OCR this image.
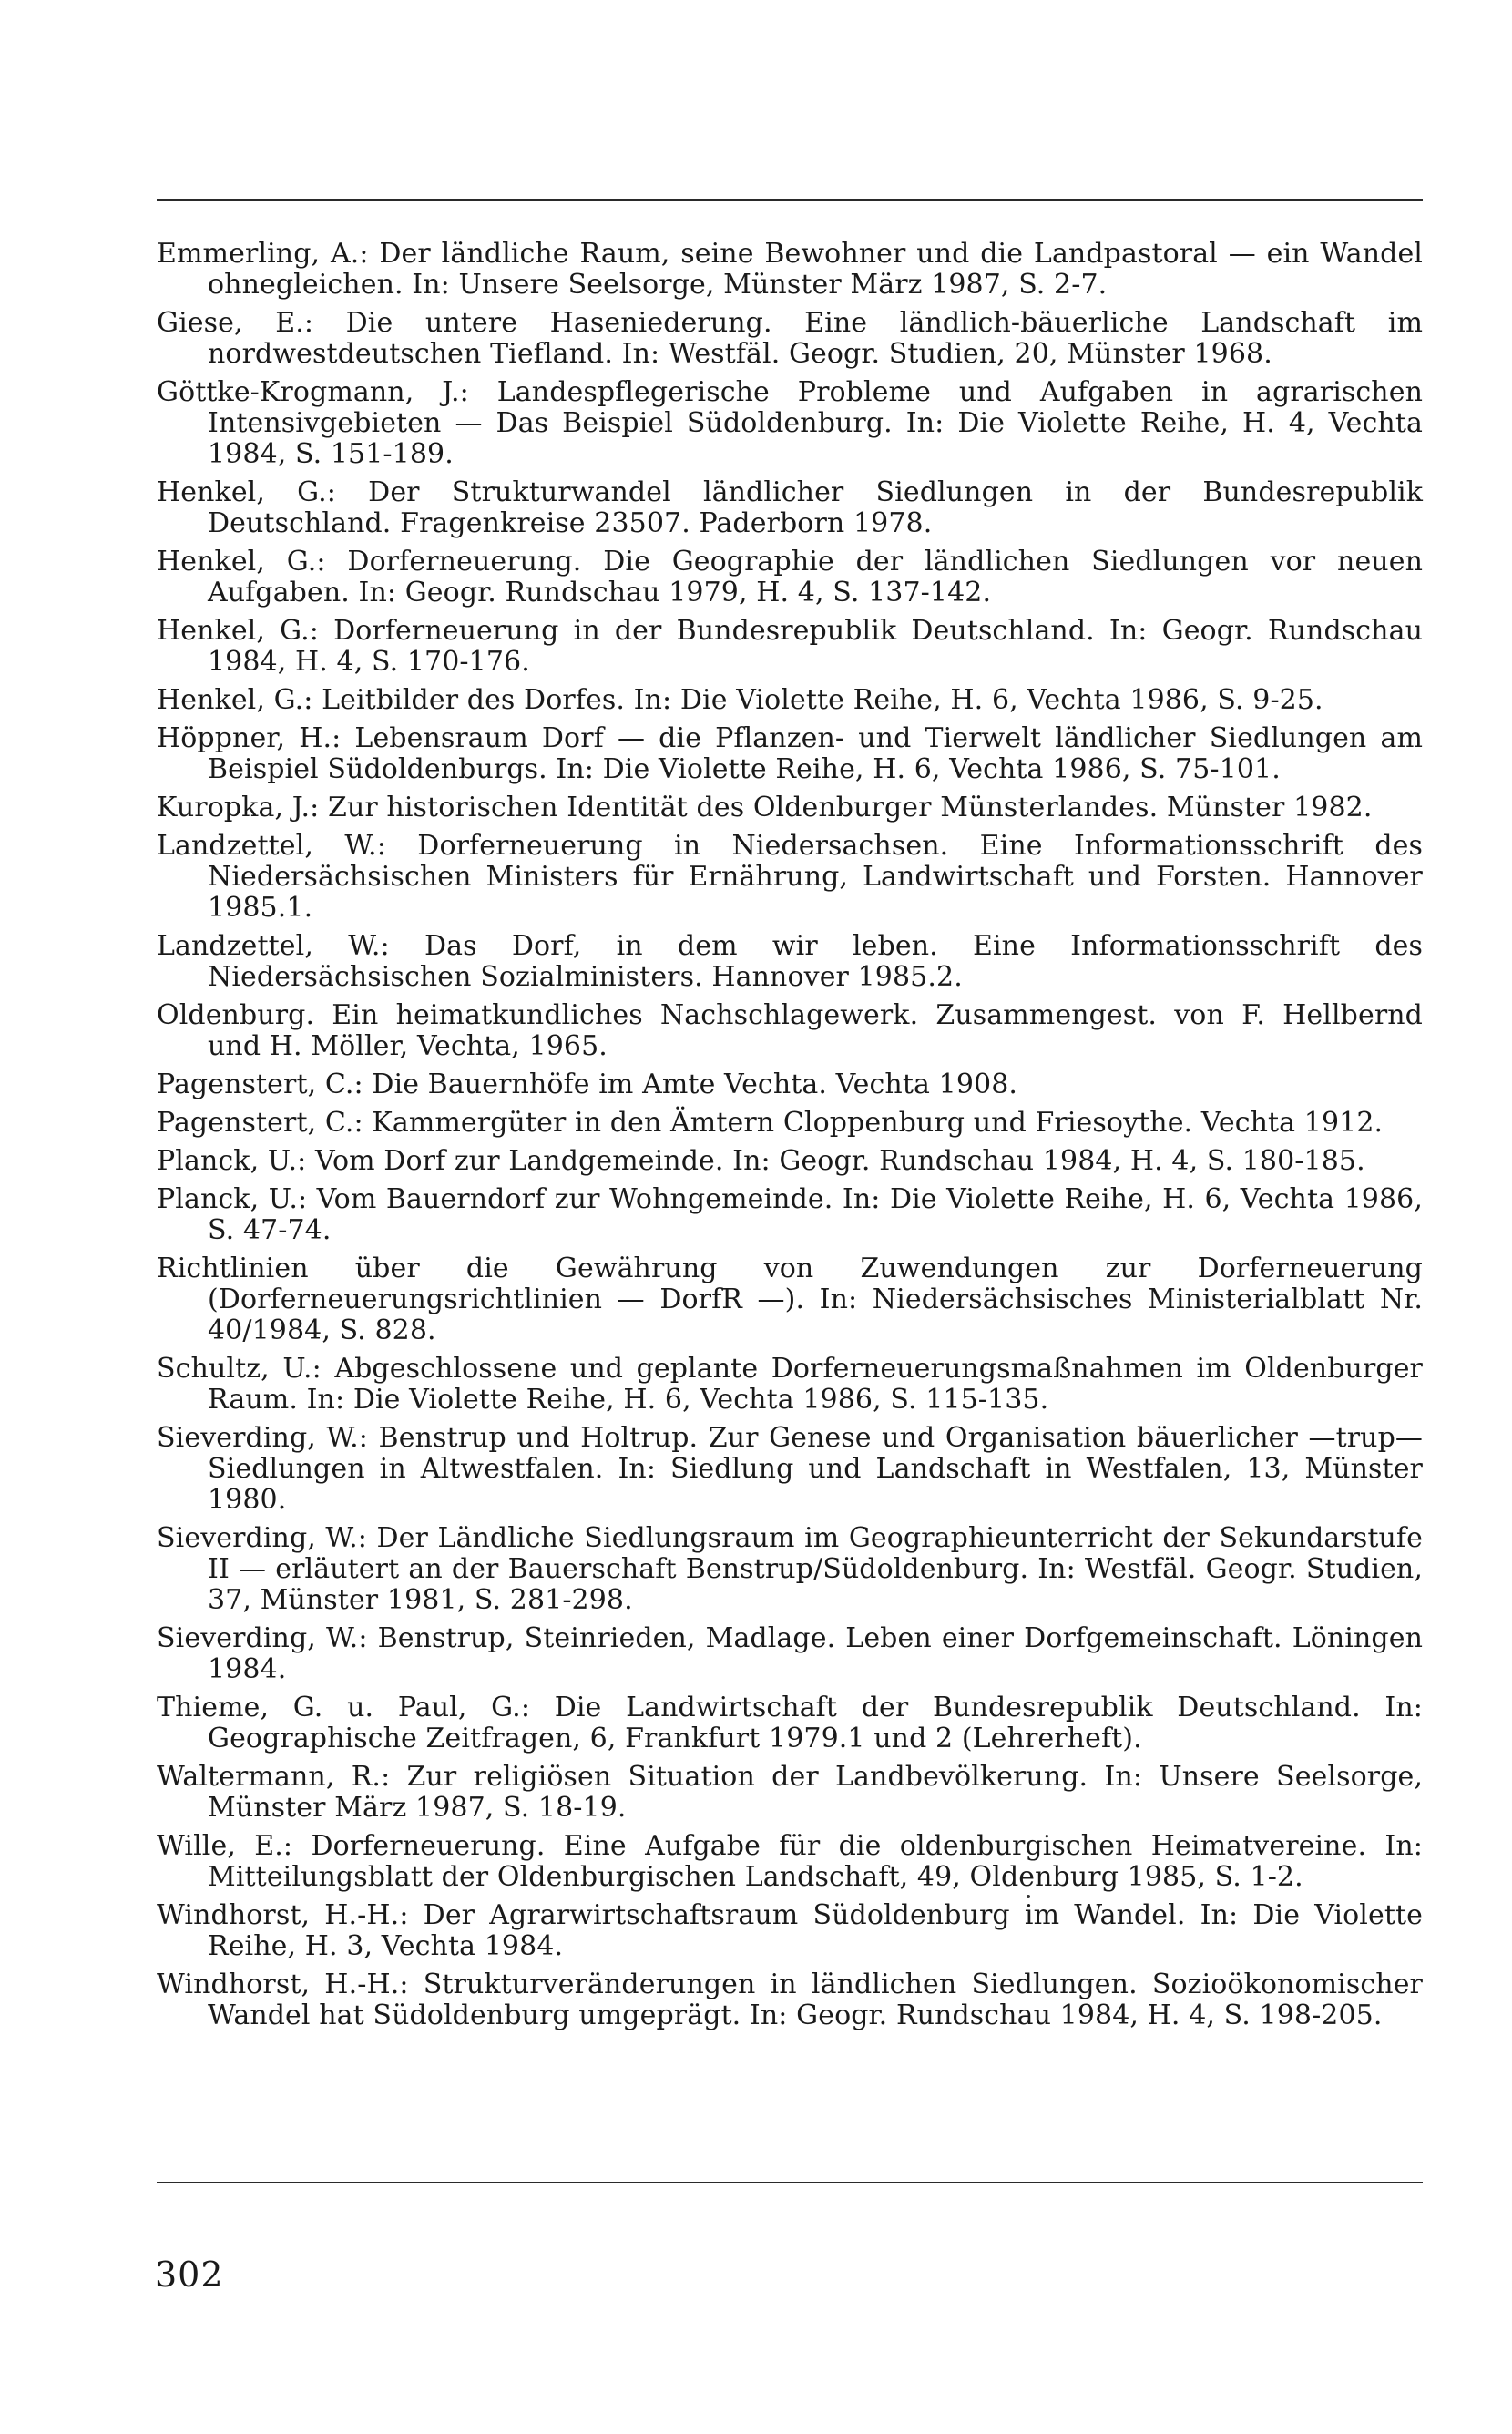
Emmerling, A.: Der ländliche Raum, seine Bewohner und die Landpastoral — ein Wandel ohnegleichen. In: Unsere Seelsorge, Münster März 1987, S. 2-7.
Giese, E.: Die untere Haseniederung. Eine ländlich-bäuerliche Landschaft im nordwestdeutschen Tiefland. In: Westfäl. Geogr. Studien, 20, Münster 1968.
Göttke-Krogmann, J.: Landespflegerische Probleme und Aufgaben in agrarischen Intensivgebieten — Das Beispiel Südoldenburg. In: Die Violette Reihe, H. 4, Vechta 1984, S. 151-189.
Henkel, G.: Der Strukturwandel ländlicher Siedlungen in der Bundesrepublik Deutschland. Fragenkreise 23507. Paderborn 1978.
Henkel, G.: Dorferneuerung. Die Geographie der ländlichen Siedlungen vor neuen Aufgaben. In: Geogr. Rundschau 1979, H. 4, S. 137-142.
Henkel, G.: Dorferneuerung in der Bundesrepublik Deutschland. In: Geogr. Rundschau 1984, H. 4, S. 170-176.
Henkel, G.: Leitbilder des Dorfes. In: Die Violette Reihe, H. 6, Vechta 1986, S. 9-25.
Höppner, H.: Lebensraum Dorf — die Pflanzen- und Tierwelt ländlicher Siedlungen am Beispiel Südoldenburgs. In: Die Violette Reihe, H. 6, Vechta 1986, S. 75-101.
Kuropka, J.: Zur historischen Identität des Oldenburger Münsterlandes. Münster 1982.
Landzettel, W.: Dorferneuerung in Niedersachsen. Eine Informationsschrift des Niedersächsischen Ministers für Ernährung, Landwirtschaft und Forsten. Hannover 1985.1.
Landzettel, W.: Das Dorf, in dem wir leben. Eine Informationsschrift des Niedersächsischen Sozialministers. Hannover 1985.2.
Oldenburg. Ein heimatkundliches Nachschlagewerk. Zusammengest. von F. Hellbernd und H. Möller, Vechta, 1965.
Pagenstert, C.: Die Bauernhöfe im Amte Vechta. Vechta 1908.
Pagenstert, C.: Kammergüter in den Ämtern Cloppenburg und Friesoythe. Vechta 1912.
Planck, U.: Vom Dorf zur Landgemeinde. In: Geogr. Rundschau 1984, H. 4, S. 180-185.
Planck, U.: Vom Bauerndorf zur Wohngemeinde. In: Die Violette Reihe, H. 6, Vechta 1986, S. 47-74.
Richtlinien über die Gewährung von Zuwendungen zur Dorferneuerung (Dorferneuerungsrichtlinien — DorfR —). In: Niedersächsisches Ministerialblatt Nr. 40/1984, S. 828.
Schultz, U.: Abgeschlossene und geplante Dorferneuerungsmaßnahmen im Oldenburger Raum. In: Die Violette Reihe, H. 6, Vechta 1986, S. 115-135.
Sieverding, W.: Benstrup und Holtrup. Zur Genese und Organisation bäuerlicher —trup— Siedlungen in Altwestfalen. In: Siedlung und Landschaft in Westfalen, 13, Münster 1980.
Sieverding, W.: Der Ländliche Siedlungsraum im Geographieunterricht der Sekundarstufe II — erläutert an der Bauerschaft Benstrup/Südoldenburg. In: Westfäl. Geogr. Studien, 37, Münster 1981, S. 281-298.
Sieverding, W.: Benstrup, Steinrieden, Madlage. Leben einer Dorfgemeinschaft. Löningen 1984.
Thieme, G. u. Paul, G.: Die Landwirtschaft der Bundesrepublik Deutschland. In: Geographische Zeitfragen, 6, Frankfurt 1979.1 und 2 (Lehrerheft).
Waltermann, R.: Zur religiösen Situation der Landbevölkerung. In: Unsere Seelsorge, Münster März 1987, S. 18-19.
Wille, E.: Dorferneuerung. Eine Aufgabe für die oldenburgischen Heimatvereine. In: Mitteilungsblatt der Oldenburgischen Landschaft, 49, Oldenburg 1985, S. 1-2.
Windhorst, H.-H.: Der Agrarwirtschaftsraum Südoldenburg im Wandel. In: Die Violette Reihe, H. 3, Vechta 1984.
Windhorst, H.-H.: Strukturveränderungen in ländlichen Siedlungen. Sozioökonomischer Wandel hat Südoldenburg umgeprägt. In: Geogr. Rundschau 1984, H. 4, S. 198-205.
302
